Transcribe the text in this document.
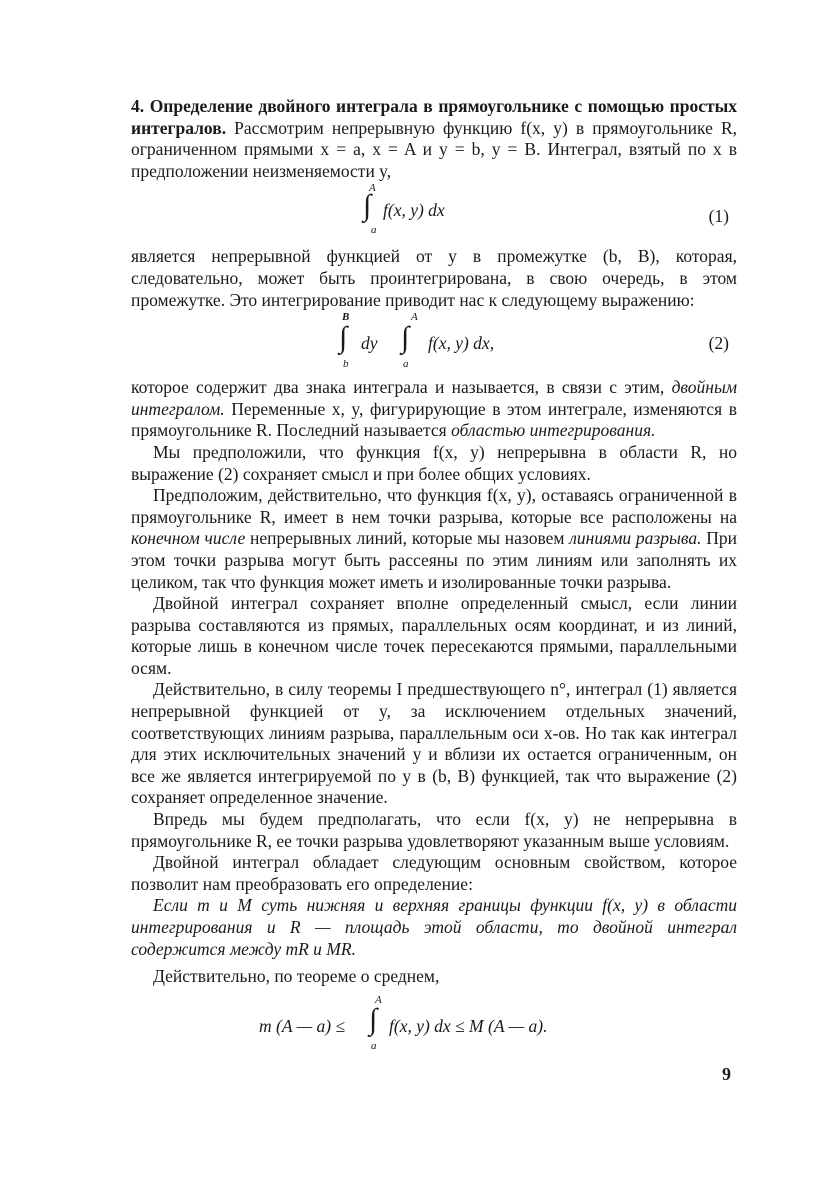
4. Определение двойного интеграла в прямоугольнике с помощью простых интегралов. Рассмотрим непрерывную функцию f(x, y) в прямоугольнике R, ограниченном прямыми x = a, x = A и y = b, y = B. Интеграл, взятый по x в предположении неизменяемости y,

A
∫
a
f(x, y) dx	(1)

является непрерывной функцией от y в промежутке (b, B), которая, следовательно, может быть проинтегрирована, в свою очередь, в этом промежутке. Это интегрирование приводит нас к следующему выражению:

B
∫
b
dy
A
∫
a
f(x, y) dx,	(2)

которое содержит два знака интеграла и называется, в связи с этим, двойным интегралом. Переменные x, y, фигурирующие в этом интеграле, изменяются в прямоугольнике R. Последний называется областью интегрирования.

Мы предположили, что функция f(x, y) непрерывна в области R, но выражение (2) сохраняет смысл и при более общих условиях.

Предположим, действительно, что функция f(x, y), оставаясь ограниченной в прямоугольнике R, имеет в нем точки разрыва, которые все расположены на конечном числе непрерывных линий, которые мы назовем линиями разрыва. При этом точки разрыва могут быть рассеяны по этим линиям или заполнять их целиком, так что функция может иметь и изолированные точки разрыва.

Двойной интеграл сохраняет вполне определенный смысл, если линии разрыва составляются из прямых, параллельных осям координат, и из линий, которые лишь в конечном числе точек пересекаются прямыми, параллельными осям.

Действительно, в силу теоремы I предшествующего n°, интеграл (1) является непрерывной функцией от y, за исключением отдельных значений, соответствующих линиям разрыва, параллельным оси x-ов. Но так как интеграл для этих исключительных значений y и вблизи их остается ограниченным, он все же является интегрируемой по y в (b, B) функцией, так что выражение (2) сохраняет определенное значение.

Впредь мы будем предполагать, что если f(x, y) не непрерывна в прямоугольнике R, ее точки разрыва удовлетворяют указанным выше условиям.

Двойной интеграл обладает следующим основным свойством, которое позволит нам преобразовать его определение:

Если m и M суть нижняя и верхняя границы функции f(x, y) в области интегрирования и R — площадь этой области, то двойной интеграл содержится между mR и MR.

Действительно, по теореме о среднем,

m (A — a) ≤
A
∫
a
f(x, y) dx ≤ M (A — a).
9
